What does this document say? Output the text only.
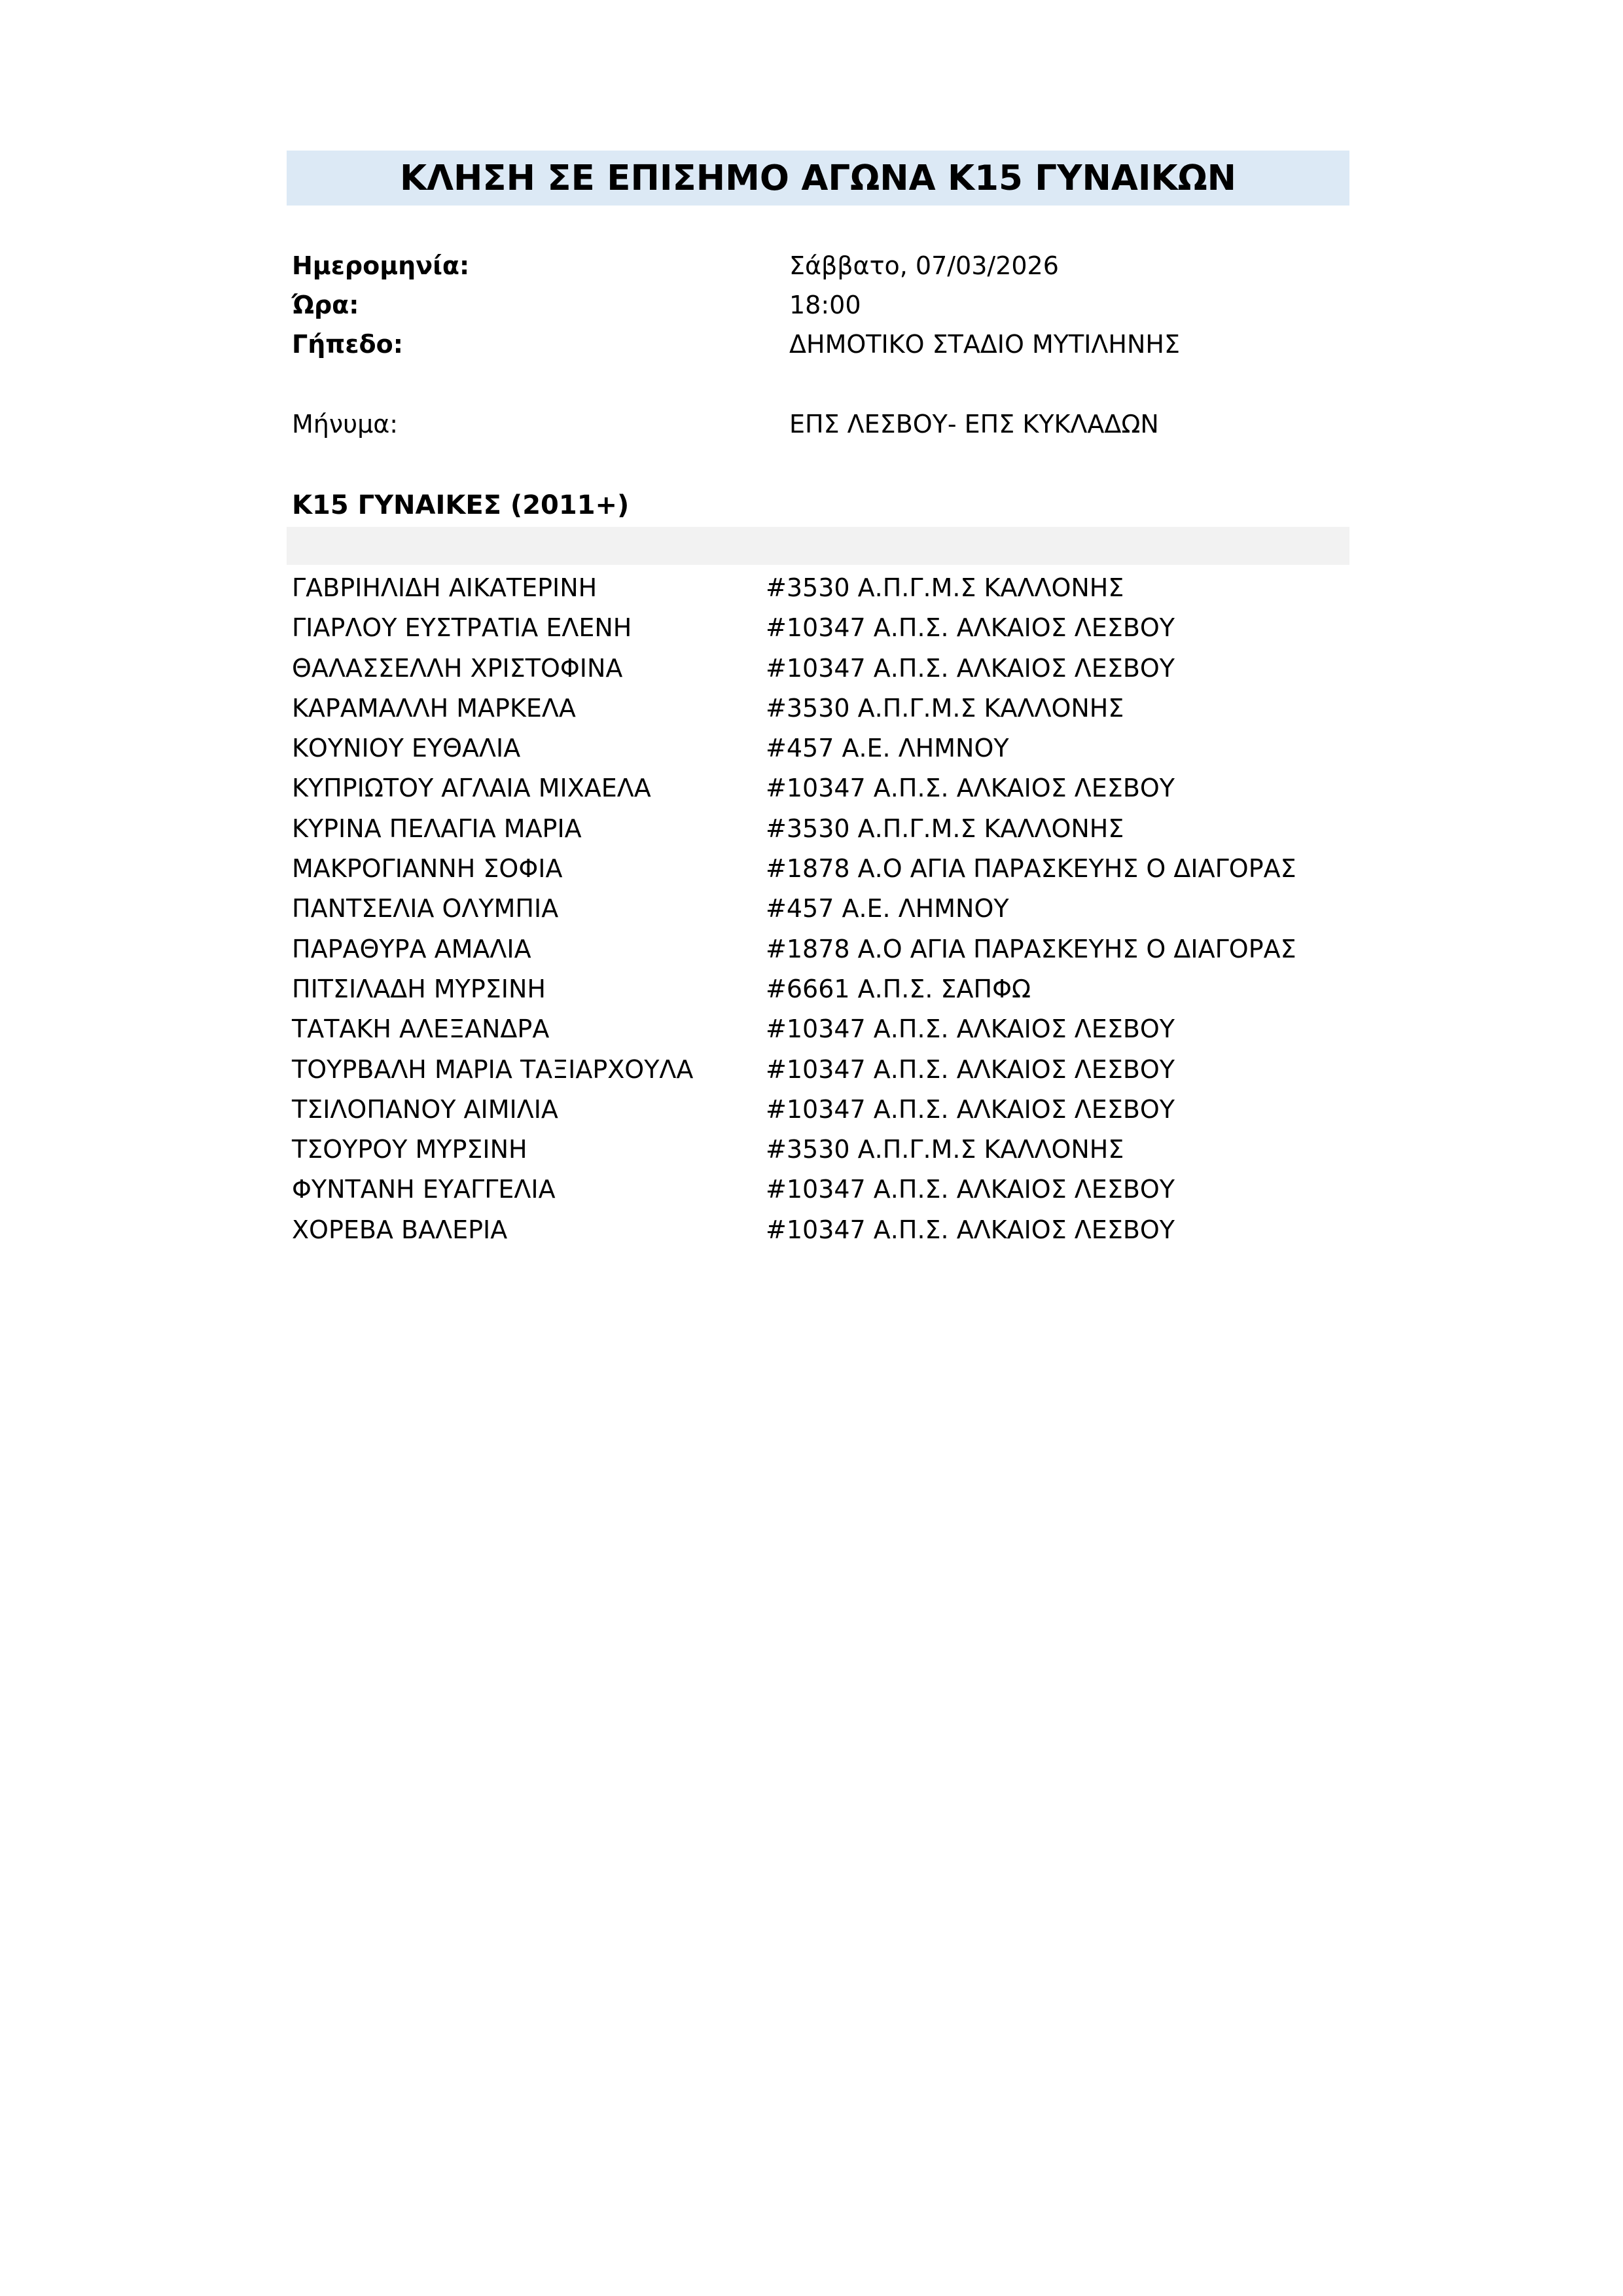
ΚΛΗΣΗ ΣΕ ΕΠΙΣΗΜΟ ΑΓΩΝΑ Κ15 ΓΥΝΑΙΚΩΝ
Ημερομηνία:	Σάββατο, 07/03/2026
Ώρα:	18:00
Γήπεδο:	ΔΗΜΟΤΙΚΟ ΣΤΑΔΙΟ ΜΥΤΙΛΗΝΗΣ
Μήνυμα:	ΕΠΣ ΛΕΣΒΟΥ- ΕΠΣ ΚΥΚΛΑΔΩΝ
Κ15 ΓΥΝΑΙΚΕΣ (2011+)
ΓΑΒΡΙΗΛΙΔΗ ΑΙΚΑΤΕΡΙΝΗ	#3530 Α.Π.Γ.Μ.Σ ΚΑΛΛΟΝΗΣ
ΓΙΑΡΛΟΥ ΕΥΣΤΡΑΤΙΑ ΕΛΕΝΗ	#10347 Α.Π.Σ. ΑΛΚΑΙΟΣ ΛΕΣΒΟΥ
ΘΑΛΑΣΣΕΛΛΗ ΧΡΙΣΤΟΦΙΝΑ	#10347 Α.Π.Σ. ΑΛΚΑΙΟΣ ΛΕΣΒΟΥ
ΚΑΡΑΜΑΛΛΗ ΜΑΡΚΕΛΑ	#3530 Α.Π.Γ.Μ.Σ ΚΑΛΛΟΝΗΣ
ΚΟΥΝΙΟΥ ΕΥΘΑΛΙΑ	#457 Α.Ε. ΛΗΜΝΟΥ
ΚΥΠΡΙΩΤΟΥ ΑΓΛΑΙΑ ΜΙΧΑΕΛΑ	#10347 Α.Π.Σ. ΑΛΚΑΙΟΣ ΛΕΣΒΟΥ
ΚΥΡΙΝΑ ΠΕΛΑΓΙΑ ΜΑΡΙΑ	#3530 Α.Π.Γ.Μ.Σ ΚΑΛΛΟΝΗΣ
ΜΑΚΡΟΓΙΑΝΝΗ ΣΟΦΙΑ	#1878 Α.Ο ΑΓΙΑ ΠΑΡΑΣΚΕΥΗΣ Ο ΔΙΑΓΟΡΑΣ
ΠΑΝΤΣΕΛΙΑ ΟΛΥΜΠΙΑ	#457 Α.Ε. ΛΗΜΝΟΥ
ΠΑΡΑΘΥΡΑ ΑΜΑΛΙΑ	#1878 Α.Ο ΑΓΙΑ ΠΑΡΑΣΚΕΥΗΣ Ο ΔΙΑΓΟΡΑΣ
ΠΙΤΣΙΛΑΔΗ ΜΥΡΣΙΝΗ	#6661 Α.Π.Σ. ΣΑΠΦΩ
ΤΑΤΑΚΗ ΑΛΕΞΑΝΔΡΑ	#10347 Α.Π.Σ. ΑΛΚΑΙΟΣ ΛΕΣΒΟΥ
ΤΟΥΡΒΑΛΗ ΜΑΡΙΑ ΤΑΞΙΑΡΧΟΥΛΑ	#10347 Α.Π.Σ. ΑΛΚΑΙΟΣ ΛΕΣΒΟΥ
ΤΣΙΛΟΠΑΝΟΥ ΑΙΜΙΛΙΑ	#10347 Α.Π.Σ. ΑΛΚΑΙΟΣ ΛΕΣΒΟΥ
ΤΣΟΥΡΟΥ ΜΥΡΣΙΝΗ	#3530 Α.Π.Γ.Μ.Σ ΚΑΛΛΟΝΗΣ
ΦΥΝΤΑΝΗ ΕΥΑΓΓΕΛΙΑ	#10347 Α.Π.Σ. ΑΛΚΑΙΟΣ ΛΕΣΒΟΥ
ΧΟΡΕΒΑ ΒΑΛΕΡΙΑ	#10347 Α.Π.Σ. ΑΛΚΑΙΟΣ ΛΕΣΒΟΥ
